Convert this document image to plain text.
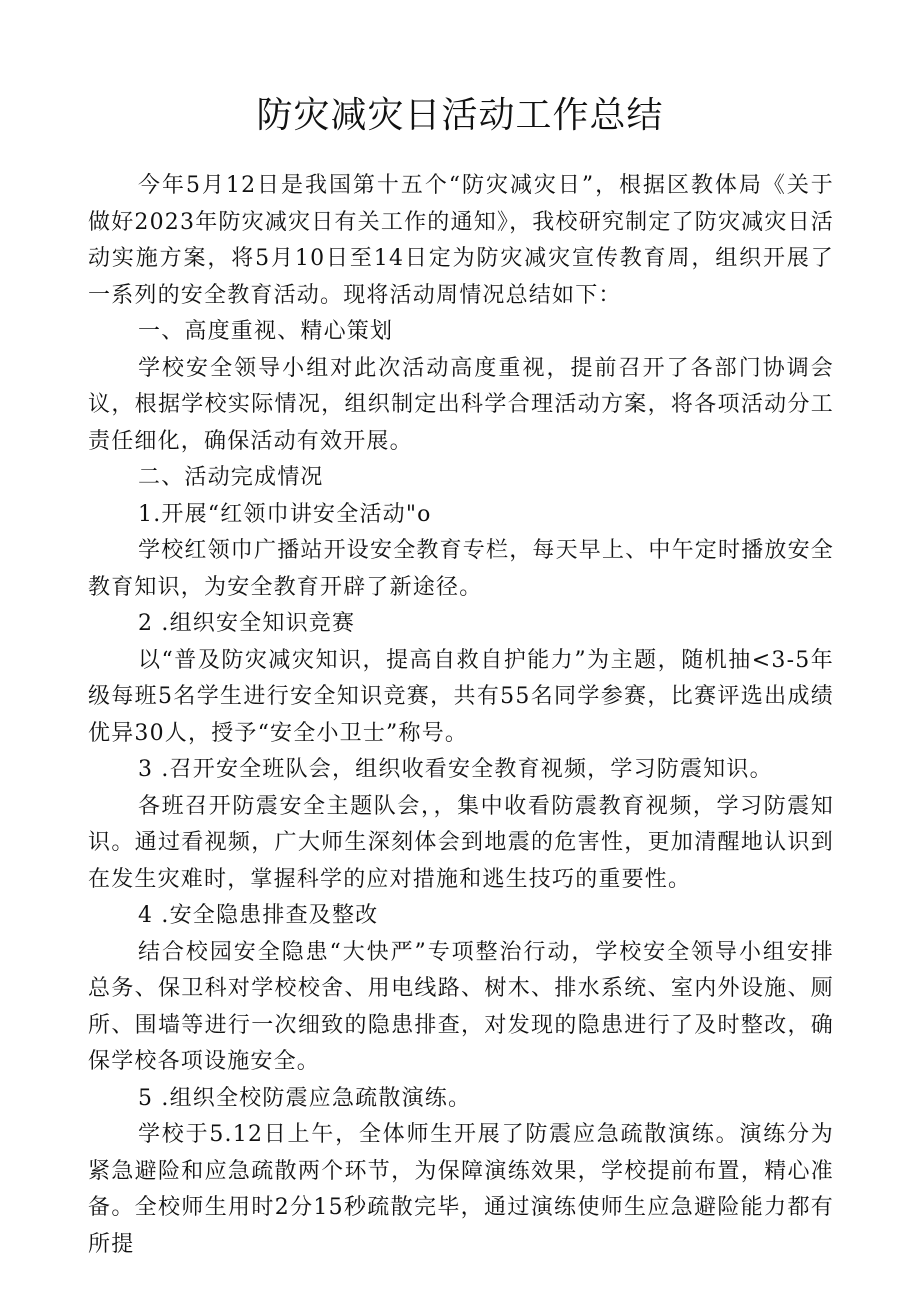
防灾减灾日活动工作总结

今年5月12日是我国第十五个“防灾减灾日”，根据区教体局《关于做好2023年防灾减灾日有关工作的通知》，我校研究制定了防灾减灾日活动实施方案，将5月10日至14日定为防灾减灾宣传教育周，组织开展了一系列的安全教育活动。现将活动周情况总结如下：

一、高度重视、精心策划

学校安全领导小组对此次活动高度重视，提前召开了各部门协调会议，根据学校实际情况，组织制定出科学合理活动方案，将各项活动分工责任细化，确保活动有效开展。

二、活动完成情况

1.开展“红领巾讲安全活动"o

学校红领巾广播站开设安全教育专栏，每天早上、中午定时播放安全教育知识，为安全教育开辟了新途径。

2 .组织安全知识竞赛

以“普及防灾减灾知识，提高自救自护能力”为主题，随机抽<3-5年级每班5名学生进行安全知识竞赛，共有55名同学参赛，比赛评选出成绩优异30人，授予“安全小卫士”称号。

3 .召开安全班队会，组织收看安全教育视频，学习防震知识。

各班召开防震安全主题队会，，集中收看防震教育视频，学习防震知识。通过看视频，广大师生深刻体会到地震的危害性，更加清醒地认识到在发生灾难时，掌握科学的应对措施和逃生技巧的重要性。

4 .安全隐患排查及整改

结合校园安全隐患“大快严”专项整治行动，学校安全领导小组安排总务、保卫科对学校校舍、用电线路、树木、排水系统、室内外设施、厕所、围墙等进行一次细致的隐患排查，对发现的隐患进行了及时整改，确保学校各项设施安全。

5 .组织全校防震应急疏散演练。

学校于5.12日上午，全体师生开展了防震应急疏散演练。演练分为紧急避险和应急疏散两个环节，为保障演练效果，学校提前布置，精心准备。全校师生用时2分15秒疏散完毕，通过演练使师生应急避险能力都有所提
